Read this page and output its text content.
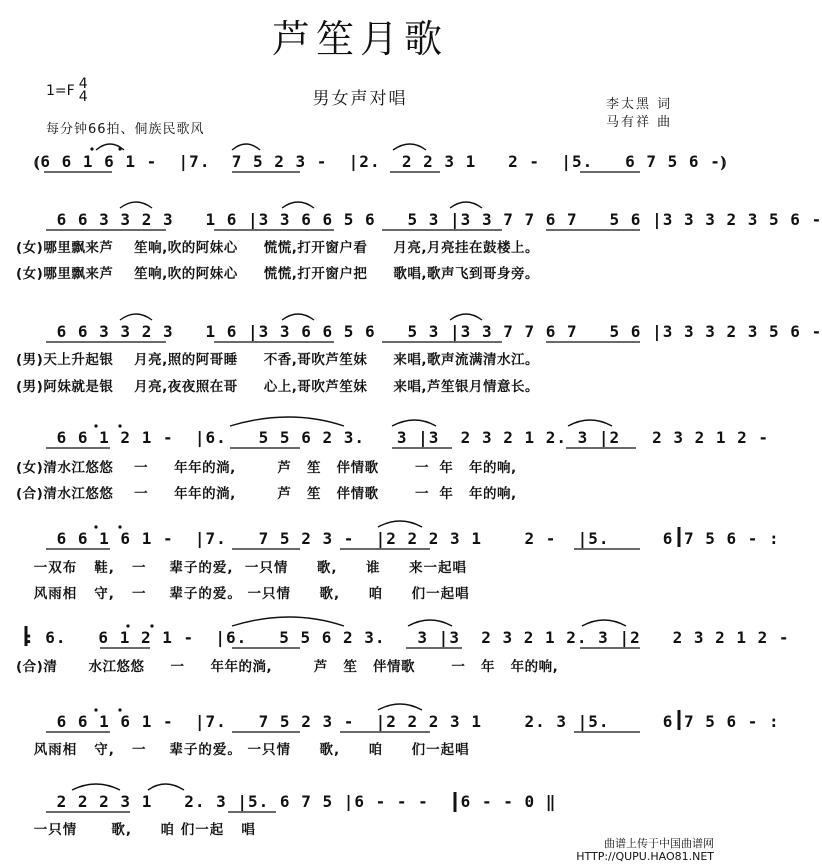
芦笙月歌
男女声对唱
1=F 4
4
每分钟66拍、侗族民歌风
李太黑 词
马有祥 曲
⦅6 6 1 6 1 -  |7.  7 5 2 3 -  |2.  2 2 3 1   2 -  |5.   6 7 5 6 -⦆
6 6 3 3 2 3   1 6 |3 3 6 6 5 6   5 3 |3 3 7 7 6 7   5 6 |3 3 3 2 3 5 6 -
(女)哪里飘来芦    笙响,吹的阿妹心     慌慌,打开窗户看     月亮,月亮挂在鼓楼上。
(女)哪里飘来芦    笙响,吹的阿妹心     慌慌,打开窗户把     歌唱,歌声飞到哥身旁。
6 6 3 3 2 3   1 6 |3 3 6 6 5 6   5 3 |3 3 7 7 6 7   5 6 |3 3 3 2 3 5 6 -
(男)天上升起银    月亮,照的阿哥睡     不香,哥吹芦笙妹     来唱,歌声流满清水江。
(男)阿妹就是银    月亮,夜夜照在哥     心上,哥吹芦笙妹     来唱,芦笙银月情意长。
6 6 1 2 1 -  |6.   5 5 6 2 3.   3 |3  2 3 2 1 2. 3 |2   2 3 2 1 2 -
(女)清水江悠悠    一     年年的淌,        芦   笙   伴情歌       一  年   年的响,
(合)清水江悠悠    一     年年的淌,        芦   笙   伴情歌       一  年   年的响,
6 6 1 6 1 -  |7.   7 5 2 3 -  |2 2 2 3 1    2 -  |5.     6 7 5 6 - :
一双布   鞋,   一    辈子的爱,  一只情     歌,     谁     来一起唱
风雨相   守,   一    辈子的爱。 一只情     歌,     咱     们一起唱
: 6.   6 1 2 1 -  |6.   5 5 6 2 3.   3 |3  2 3 2 1 2. 3 |2   2 3 2 1 2 -
(合)清      水江悠悠     一     年年的淌,        芦   笙   伴情歌       一   年   年的响,
6 6 1 6 1 -  |7.   7 5 2 3 -  |2 2 2 3 1    2. 3 |5.     6 7 5 6 - :
风雨相   守,   一    辈子的爱。 一只情     歌,     咱     们一起唱
2 2 2 3 1   2. 3 |5. 6 7 5 |6 - - -  |6 - - 0 ‖
一只情      歌,     咱 们一起   唱
曲谱上传于中国曲谱网
HTTP://QUPU.HAO81.NET
